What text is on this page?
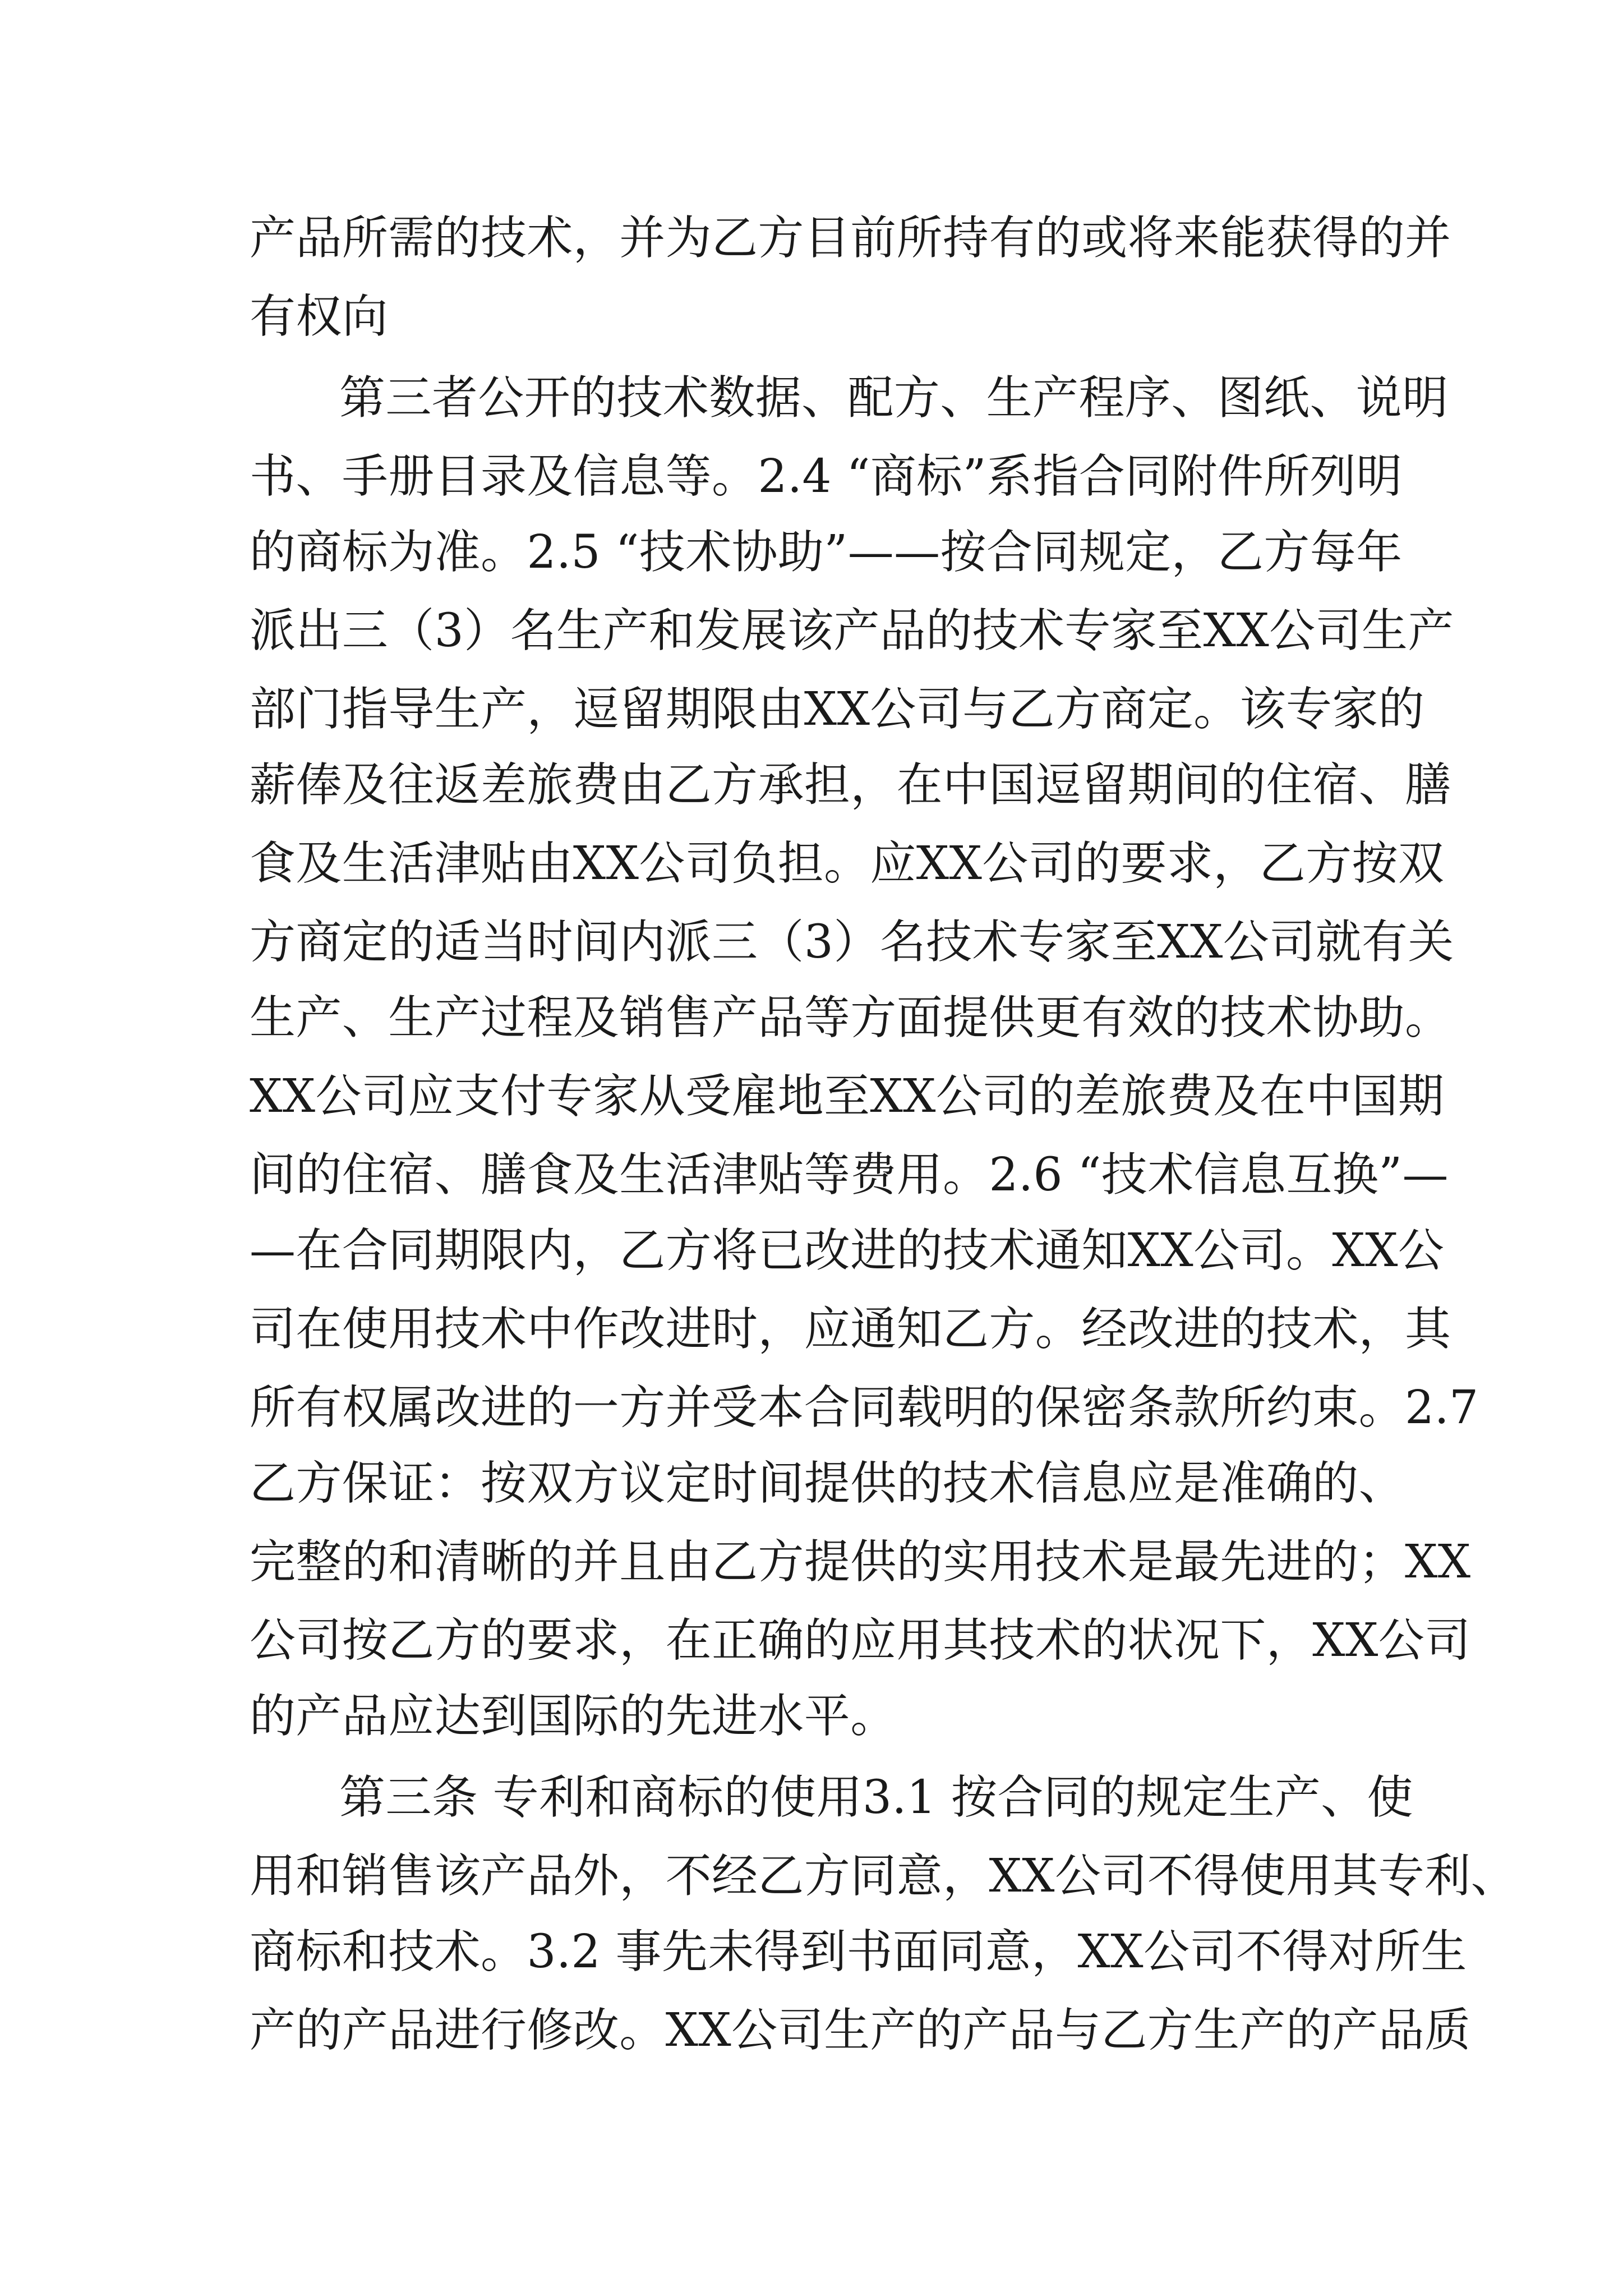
产品所需的技术，并为乙方目前所持有的或将来能获得的并
有权向
第三者公开的技术数据、配方、生产程序、图纸、说明
书、手册目录及信息等。2.4 “商标”系指合同附件所列明
的商标为准。2.5 “技术协助”——按合同规定，乙方每年
派出三（3）名生产和发展该产品的技术专家至XX公司生产
部门指导生产，逗留期限由XX公司与乙方商定。该专家的
薪俸及往返差旅费由乙方承担，在中国逗留期间的住宿、膳
食及生活津贴由XX公司负担。应XX公司的要求，乙方按双
方商定的适当时间内派三（3）名技术专家至XX公司就有关
生产、生产过程及销售产品等方面提供更有效的技术协助。
XX公司应支付专家从受雇地至XX公司的差旅费及在中国期
间的住宿、膳食及生活津贴等费用。2.6 “技术信息互换”—
—在合同期限内，乙方将已改进的技术通知XX公司。XX公
司在使用技术中作改进时，应通知乙方。经改进的技术，其
所有权属改进的一方并受本合同载明的保密条款所约束。2.7
乙方保证：按双方议定时间提供的技术信息应是准确的、
完整的和清晰的并且由乙方提供的实用技术是最先进的；XX
公司按乙方的要求，在正确的应用其技术的状况下，XX公司
的产品应达到国际的先进水平。
第三条 专利和商标的使用3.1 按合同的规定生产、使
用和销售该产品外，不经乙方同意，XX公司不得使用其专利、
商标和技术。3.2 事先未得到书面同意，XX公司不得对所生
产的产品进行修改。XX公司生产的产品与乙方生产的产品质
